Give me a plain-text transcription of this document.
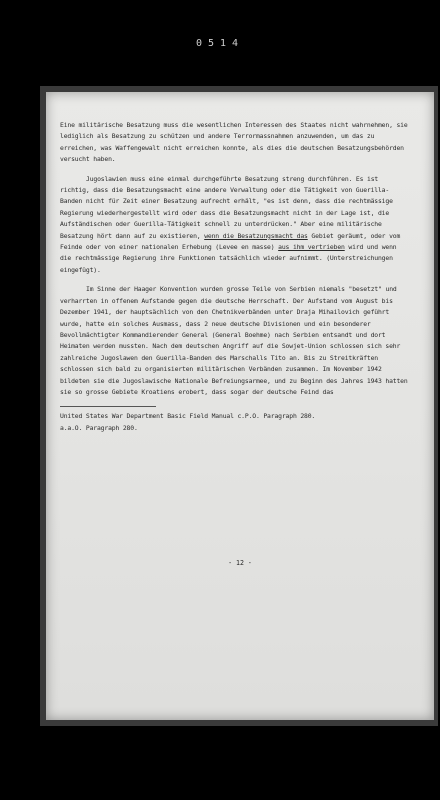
0514

Eine militärische Besatzung muss die wesentlichen Interessen des Staates nicht wahrnehmen, sie lediglich als Besatzung zu schützen und andere Terrormassnahmen anzuwenden, um das zu erreichen, was Waffengewalt nicht erreichen konnte, als dies die deutschen Besatzungsbehörden versucht haben.

Jugoslawien muss eine einmal durchgeführte Besatzung streng durchführen. Es ist richtig, dass die Besatzungsmacht eine andere Verwaltung oder die Tätigkeit von Guerilla-Banden nicht für Zeit einer Besatzung aufrecht erhält, "es ist denn, dass die rechtmässige Regierung wiederhergestellt wird oder dass die Besatzungsmacht nicht in der Lage ist, die Aufständischen oder Guerilla-Tätigkeit schnell zu unterdrücken." Aber eine militärische Besatzung hört dann auf zu existieren, wenn die Besatzungsmacht das Gebiet geräumt, oder vom Feinde oder von einer nationalen Erhebung (Levee en masse) aus ihm vertrieben wird und wenn die rechtmässige Regierung ihre Funktionen tatsächlich wieder aufnimmt. (Unterstreichungen eingefügt).

Im Sinne der Haager Konvention wurden grosse Teile von Serbien niemals "besetzt" und verharrten in offenem Aufstande gegen die deutsche Herrschaft. Der Aufstand vom August bis Dezember 1941, der hauptsächlich von den Chetnikverbänden unter Draja Mihailovich geführt wurde, hatte ein solches Ausmass, dass 2 neue deutsche Divisionen und ein besonderer Bevollmächtigter Kommandierender General (General Boehme) nach Serbien entsandt und dort Heimaten werden mussten. Nach dem deutschen Angriff auf die Sowjet-Union schlossen sich sehr zahlreiche Jugoslawen den Guerilla-Banden des Marschalls Tito an. Bis zu Streitkräften schlossen sich bald zu organisierten militärischen Verbänden zusammen. Im November 1942 bildeten sie die Jugoslawische Nationale Befreiungsarmee, und zu Beginn des Jahres 1943 hatten sie so grosse Gebiete Kroatiens erobert, dass sogar der deutsche Feind das

United States War Department Basic Field Manual c.P.O. Paragraph 280.

a.a.O. Paragraph 280.

- 12 -
